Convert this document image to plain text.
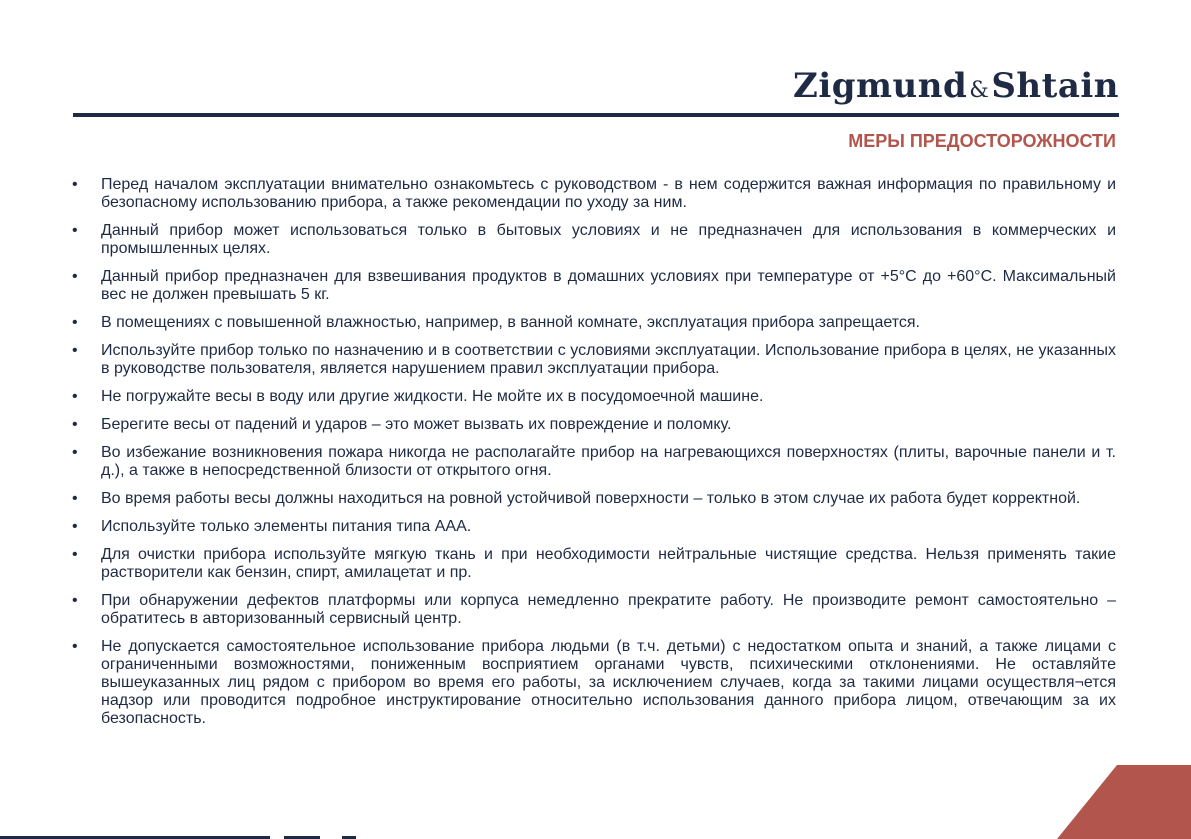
Zigmund&Shtain
МЕРЫ ПРЕДОСТОРОЖНОСТИ
• Перед началом эксплуатации внимательно ознакомьтесь с руководством - в нем содержится важная информация по правильному и безопасному использованию прибора, а также рекомендации по уходу за ним.
• Данный прибор может использоваться только в бытовых условиях и не предназначен для использования в коммерческих и промышленных целях.
• Данный прибор предназначен для взвешивания продуктов в домашних условиях при температуре от +5°С до +60°С. Максимальный вес не должен превышать 5 кг.
• В помещениях с повышенной влажностью, например, в ванной комнате, эксплуатация прибора запрещается.
• Используйте прибор только по назначению и в соответствии с условиями эксплуатации. Использование прибора в целях, не указанных в руководстве пользователя, является нарушением правил эксплуатации прибора.
• Не погружайте весы в воду или другие жидкости. Не мойте их в посудомоечной машине.
• Берегите весы от падений и ударов – это может вызвать их повреждение и поломку.
• Во избежание возникновения пожара никогда не располагайте прибор на нагревающихся поверхностях (плиты, варочные панели и т. д.), а также в непосредственной близости от открытого огня.
• Во время работы весы должны находиться на ровной устойчивой поверхности – только в этом случае их работа будет корректной.
• Используйте только элементы питания типа ААА.
• Для очистки прибора используйте мягкую ткань и при необходимости нейтральные чистящие средства. Нельзя применять такие растворители как бензин, спирт, амилацетат и пр.
• При обнаружении дефектов платформы или корпуса немедленно прекратите работу. Не производите ремонт самостоятельно – обратитесь в авторизованный сервисный центр.
• Не допускается самостоятельное использование прибора людьми (в т.ч. детьми) с недостатком опыта и знаний, а также лицами с ограниченными возможностями, пониженным восприятием органами чувств, психическими отклонениями. Не оставляйте вышеуказанных лиц рядом с прибором во время его работы, за исключением случаев, когда за такими лицами осуществля¬ется надзор или проводится подробное инструктирование относительно использования данного прибора лицом, отвечающим за их безопасность.
